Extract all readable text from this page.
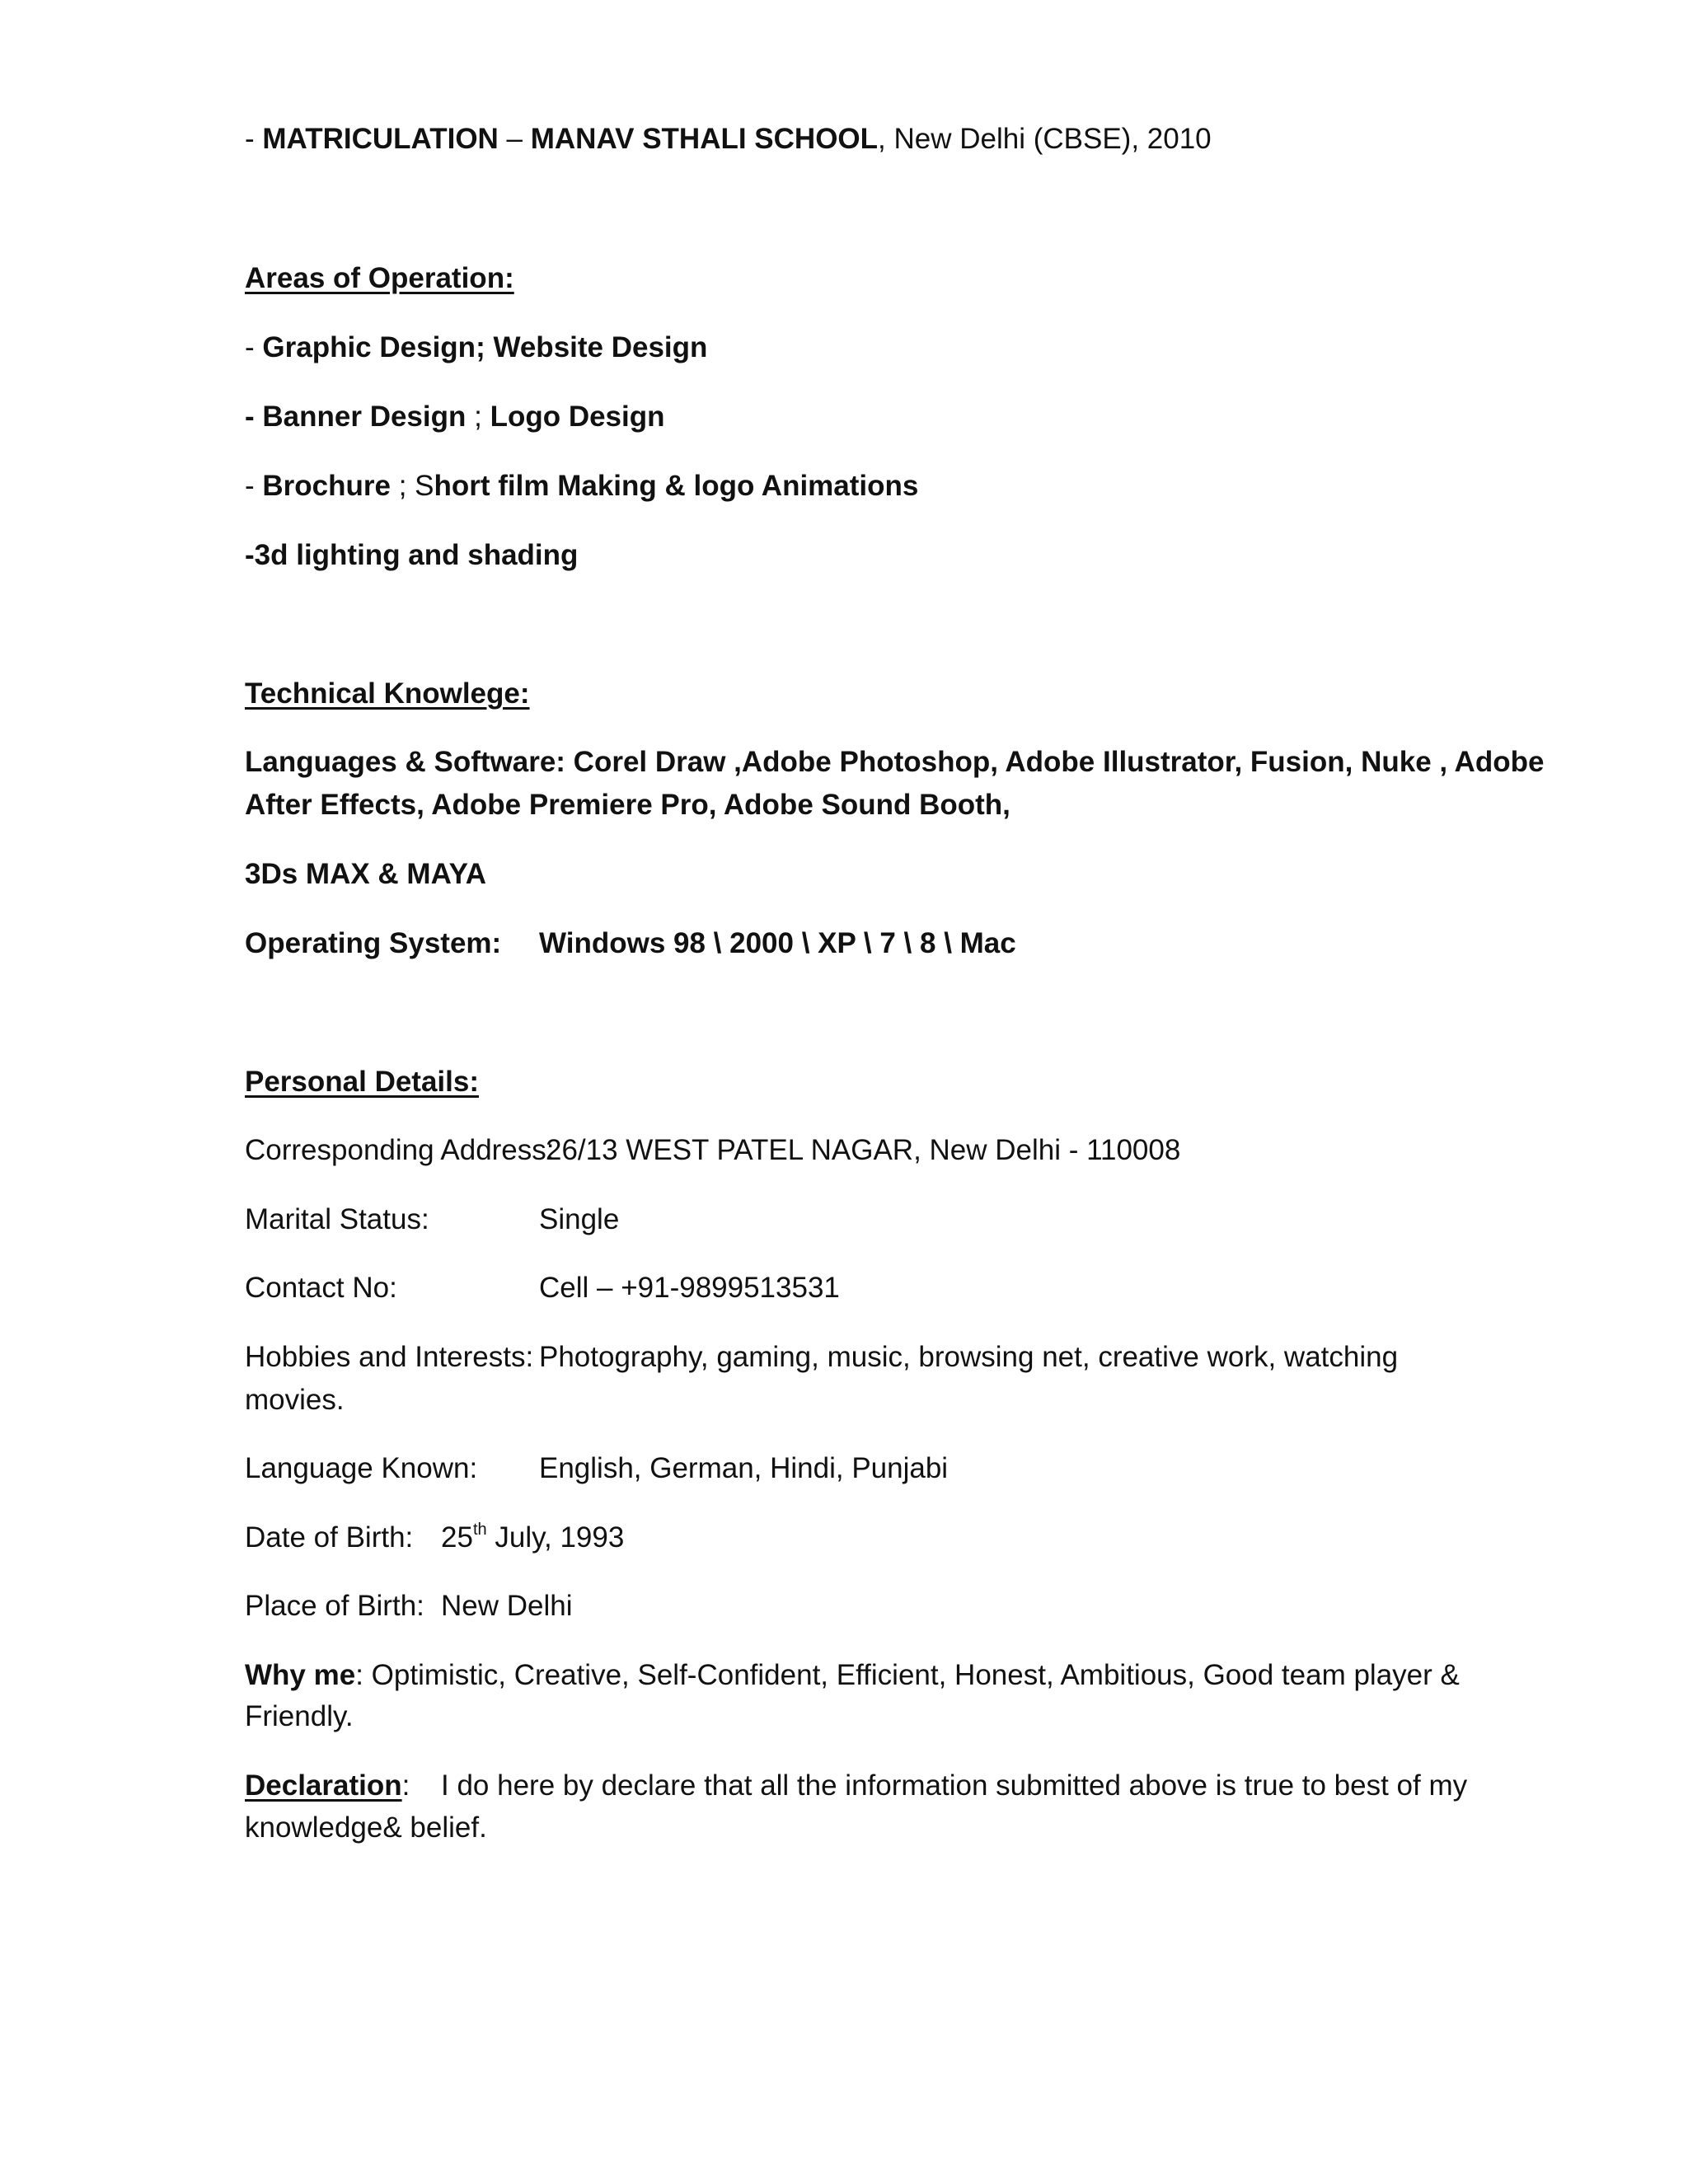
- MATRICULATION – MANAV STHALI SCHOOL, New Delhi (CBSE), 2010
Areas of Operation:
- Graphic Design; Website Design
- Banner Design ; Logo Design
- Brochure ; Short film Making & logo Animations
-3d lighting and shading
Technical Knowlege:
Languages & Software: Corel Draw ,Adobe Photoshop, Adobe Illustrator, Fusion, Nuke , Adobe
After Effects, Adobe Premiere Pro, Adobe Sound Booth,
3Ds MAX & MAYA
Operating System: Windows 98 \ 2000 \ XP \ 7 \ 8 \ Mac
Personal Details:
Corresponding Address:
26/13 WEST PATEL NAGAR, New Delhi - 110008
Marital Status:	Single
Contact No:	Cell – +91-9899513531
Hobbies and Interests: Photography, gaming, music, browsing net, creative work, watching
movies.
Language Known: English, German, Hindi, Punjabi
Date of Birth: 25th July, 1993
Place of Birth: New Delhi
Why me: Optimistic, Creative, Self-Confident, Efficient, Honest, Ambitious, Good team player &
Friendly.
Declaration: I do here by declare that all the information submitted above is true to best of my
knowledge& belief.
